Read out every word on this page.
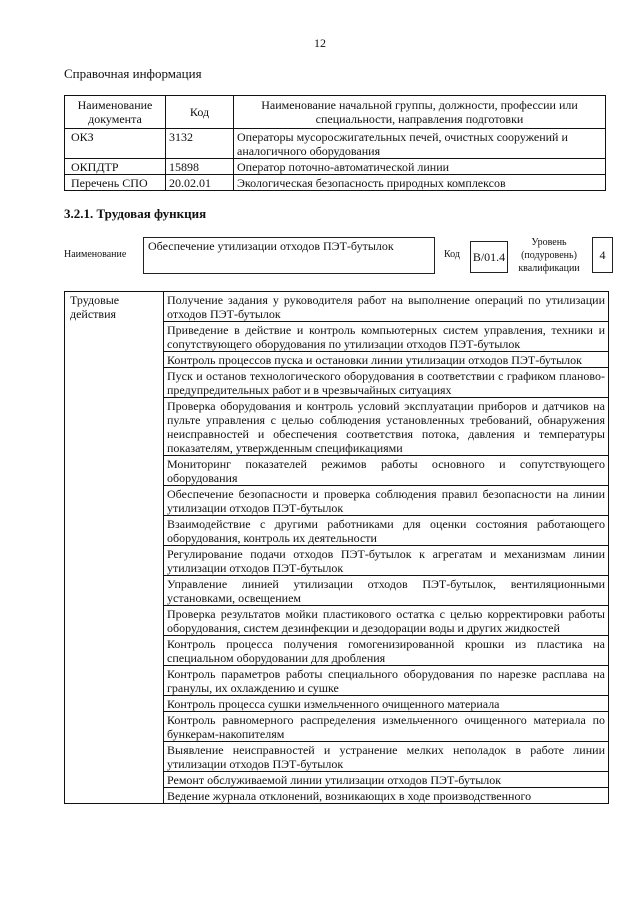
12
Справочная информация
Наименование документа	Код	Наименование начальной группы, должности, профессии или специальности, направления подготовки
ОКЗ	3132	Операторы мусоросжигательных печей, очистных сооружений и аналогичного оборудования
ОКПДТР	15898	Оператор поточно-автоматической линии
Перечень СПО	20.02.01	Экологическая безопасность природных комплексов
3.2.1. Трудовая функция
Наименование
Обеспечение утилизации отходов ПЭТ-бутылок
Код B/01.4
Уровень (подуровень) квалификации
4
Трудовые действия	Получение задания у руководителя работ на выполнение операций по утилизации отходов ПЭТ-бутылок
Приведение в действие и контроль компьютерных систем управления, техники и сопутствующего оборудования по утилизации отходов ПЭТ-бутылок
Контроль процессов пуска и остановки линии утилизации отходов ПЭТ-бутылок
Пуск и останов технологического оборудования в соответствии с графиком планово-предупредительных работ и в чрезвычайных ситуациях
Проверка оборудования и контроль условий эксплуатации приборов и датчиков на пульте управления с целью соблюдения установленных требований, обнаружения неисправностей и обеспечения соответствия потока, давления и температуры показателям, утвержденным спецификациями
Мониторинг показателей режимов работы основного и сопутствующего оборудования
Обеспечение безопасности и проверка соблюдения правил безопасности на линии утилизации отходов ПЭТ-бутылок
Взаимодействие с другими работниками для оценки состояния работающего оборудования, контроль их деятельности
Регулирование подачи отходов ПЭТ-бутылок к агрегатам и механизмам линии утилизации отходов ПЭТ-бутылок
Управление линией утилизации отходов ПЭТ-бутылок, вентиляционными установками, освещением
Проверка результатов мойки пластикового остатка с целью корректировки работы оборудования, систем дезинфекции и дезодорации воды и других жидкостей
Контроль процесса получения гомогенизированной крошки из пластика на специальном оборудовании для дробления
Контроль параметров работы специального оборудования по нарезке расплава на гранулы, их охлаждению и сушке
Контроль процесса сушки измельченного очищенного материала
Контроль равномерного распределения измельченного очищенного материала по бункерам-накопителям
Выявление неисправностей и устранение мелких неполадок в работе линии утилизации отходов ПЭТ-бутылок
Ремонт обслуживаемой линии утилизации отходов ПЭТ-бутылок
Ведение журнала отклонений, возникающих в ходе производственного
